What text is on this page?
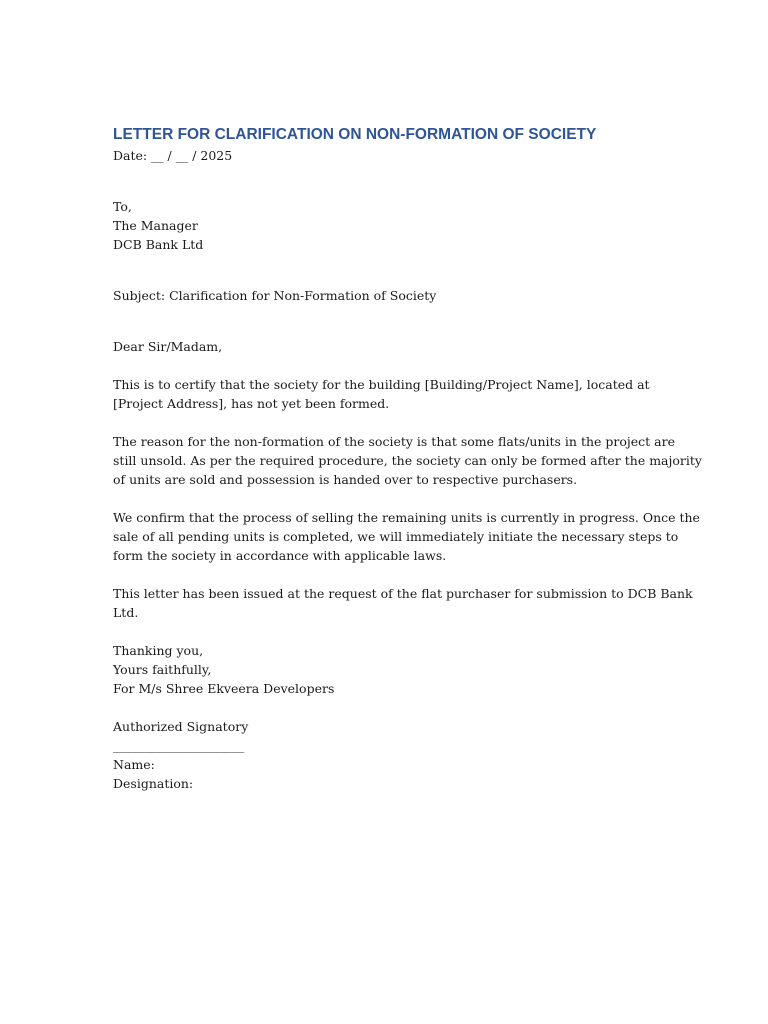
LETTER FOR CLARIFICATION ON NON-FORMATION OF SOCIETY
Date: __ / __ / 2025
To,
The Manager
DCB Bank Ltd
Subject: Clarification for Non-Formation of Society
Dear Sir/Madam,
This is to certify that the society for the building [Building/Project Name], located at
[Project Address], has not yet been formed.
The reason for the non-formation of the society is that some flats/units in the project are
still unsold. As per the required procedure, the society can only be formed after the majority
of units are sold and possession is handed over to respective purchasers.
We confirm that the process of selling the remaining units is currently in progress. Once the
sale of all pending units is completed, we will immediately initiate the necessary steps to
form the society in accordance with applicable laws.
This letter has been issued at the request of the flat purchaser for submission to DCB Bank
Ltd.
Thanking you,
Yours faithfully,
For M/s Shree Ekveera Developers
Authorized Signatory
_____________________
Name:
Designation:
